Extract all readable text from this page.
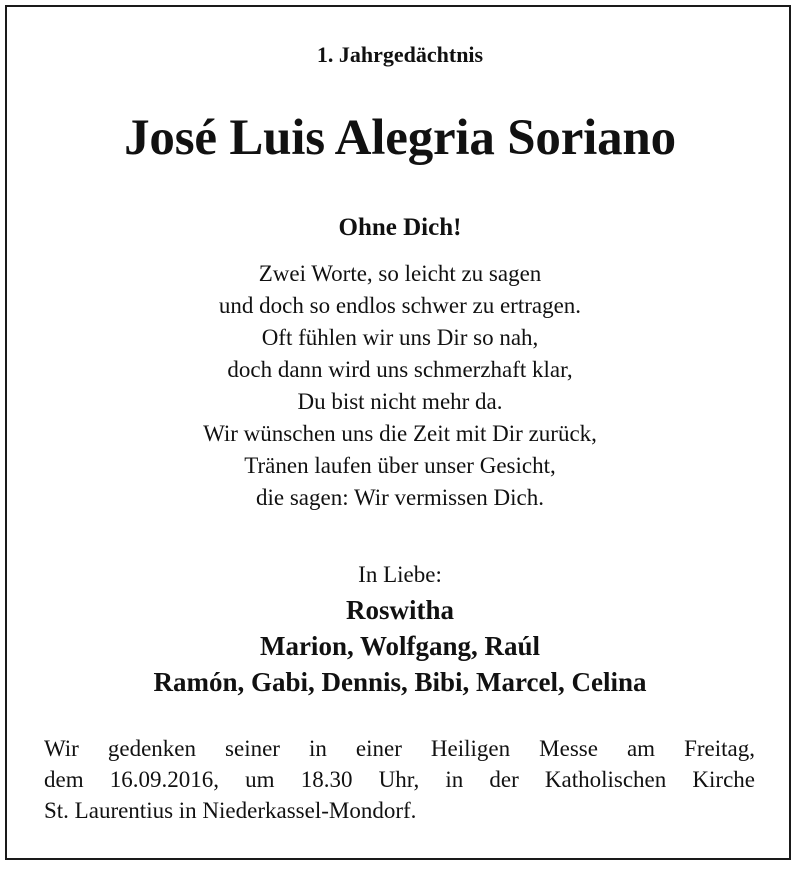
1. Jahrgedächtnis
José Luis Alegria Soriano
Ohne Dich!
Zwei Worte, so leicht zu sagen
und doch so endlos schwer zu ertragen.
Oft fühlen wir uns Dir so nah,
doch dann wird uns schmerzhaft klar,
Du bist nicht mehr da.
Wir wünschen uns die Zeit mit Dir zurück,
Tränen laufen über unser Gesicht,
die sagen: Wir vermissen Dich.
In Liebe:
Roswitha
Marion, Wolfgang, Raúl
Ramón, Gabi, Dennis, Bibi, Marcel, Celina
Wir gedenken seiner in einer Heiligen Messe am Freitag,
dem 16.09.2016, um 18.30 Uhr, in der Katholischen Kirche
St. Laurentius in Niederkassel-Mondorf.
